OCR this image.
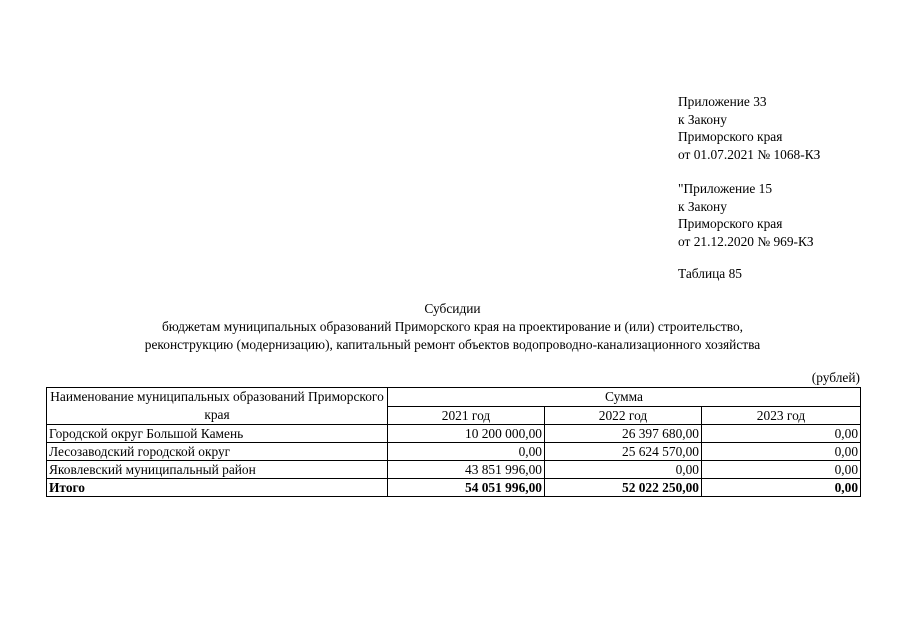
Приложение 33
к Закону
Приморского края
от 01.07.2021 № 1068-КЗ
"Приложение 15
к Закону
Приморского края
от 21.12.2020 № 969-КЗ
Таблица 85
Субсидии
бюджетам муниципальных образований Приморского края на проектирование и (или) строительство,
реконструкцию (модернизацию), капитальный ремонт объектов водопроводно-канализационного хозяйства
(рублей)
Наименование муниципальных образований Приморского края	Сумма		
	2021 год	2022 год	2023 год
Городской округ Большой Камень	10 200 000,00	26 397 680,00	0,00
Лесозаводский городской округ	0,00	25 624 570,00	0,00
Яковлевский муниципальный район	43 851 996,00	0,00	0,00
Итого	54 051 996,00	52 022 250,00	0,00
